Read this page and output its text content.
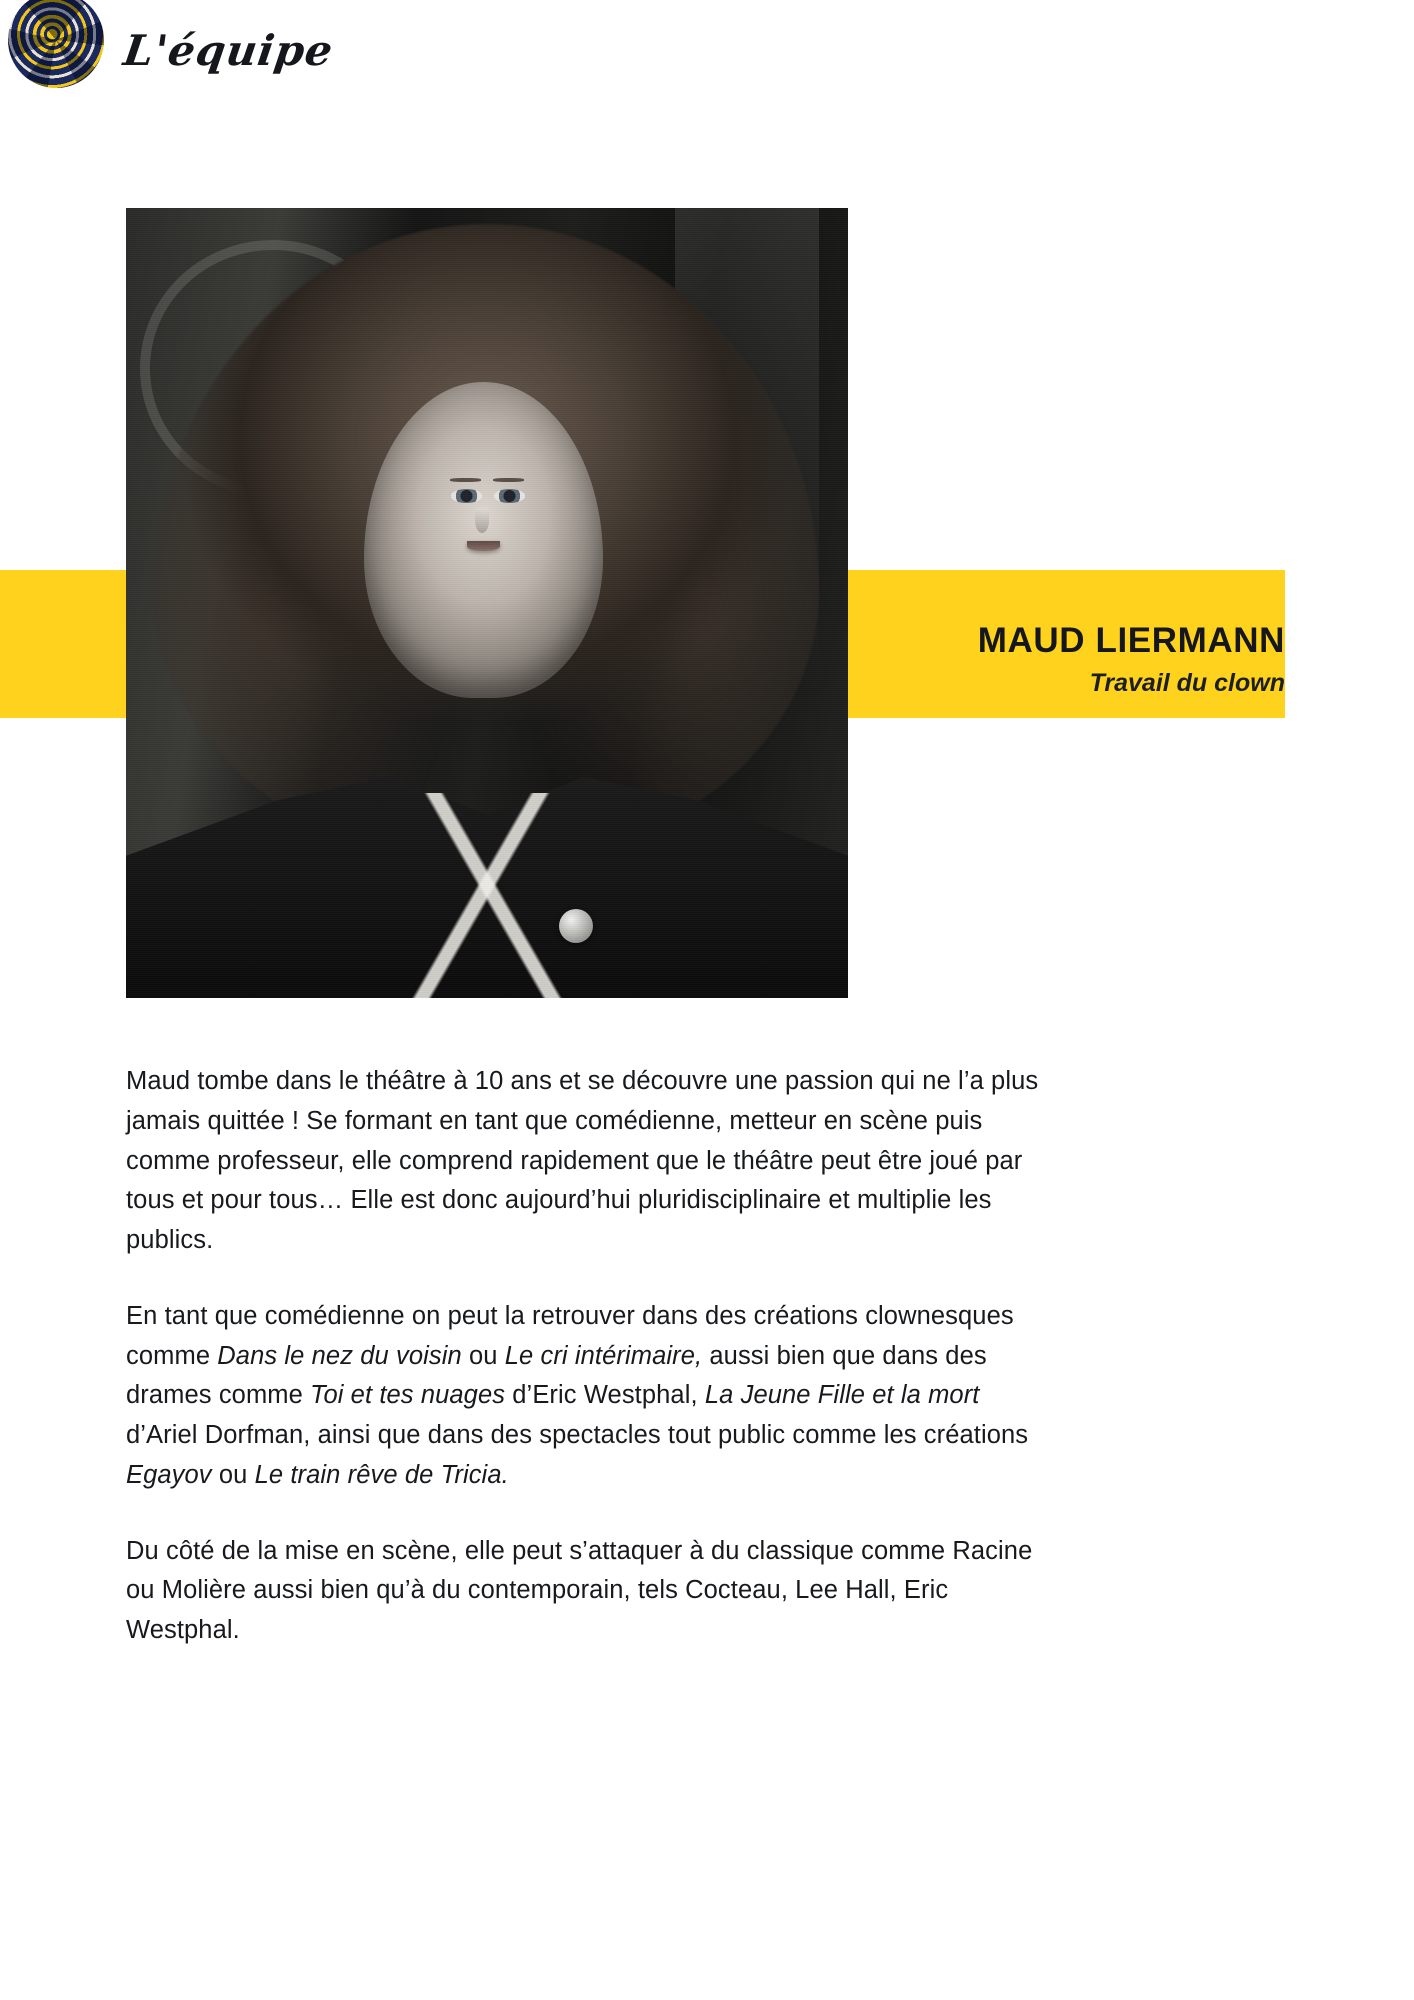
L'équipe
MAUD LIERMANN
Travail du clown

Maud tombe dans le théâtre à 10 ans et se découvre une passion qui ne l’a plus jamais quittée ! Se formant en tant que comédienne, metteur en scène puis comme professeur, elle comprend rapidement que le théâtre peut être joué par tous et pour tous… Elle est donc aujourd’hui pluridisciplinaire et multiplie les publics.

En tant que comédienne on peut la retrouver dans des créations clownesques comme Dans le nez du voisin ou Le cri intérimaire, aussi bien que dans des drames comme Toi et tes nuages d’Eric Westphal, La Jeune Fille et la mort d’Ariel Dorfman, ainsi que dans des spectacles tout public comme les créations Egayov ou Le train rêve de Tricia.

Du côté de la mise en scène, elle peut s’attaquer à du classique comme Racine ou Molière aussi bien qu’à du contemporain, tels Cocteau, Lee Hall, Eric Westphal.
